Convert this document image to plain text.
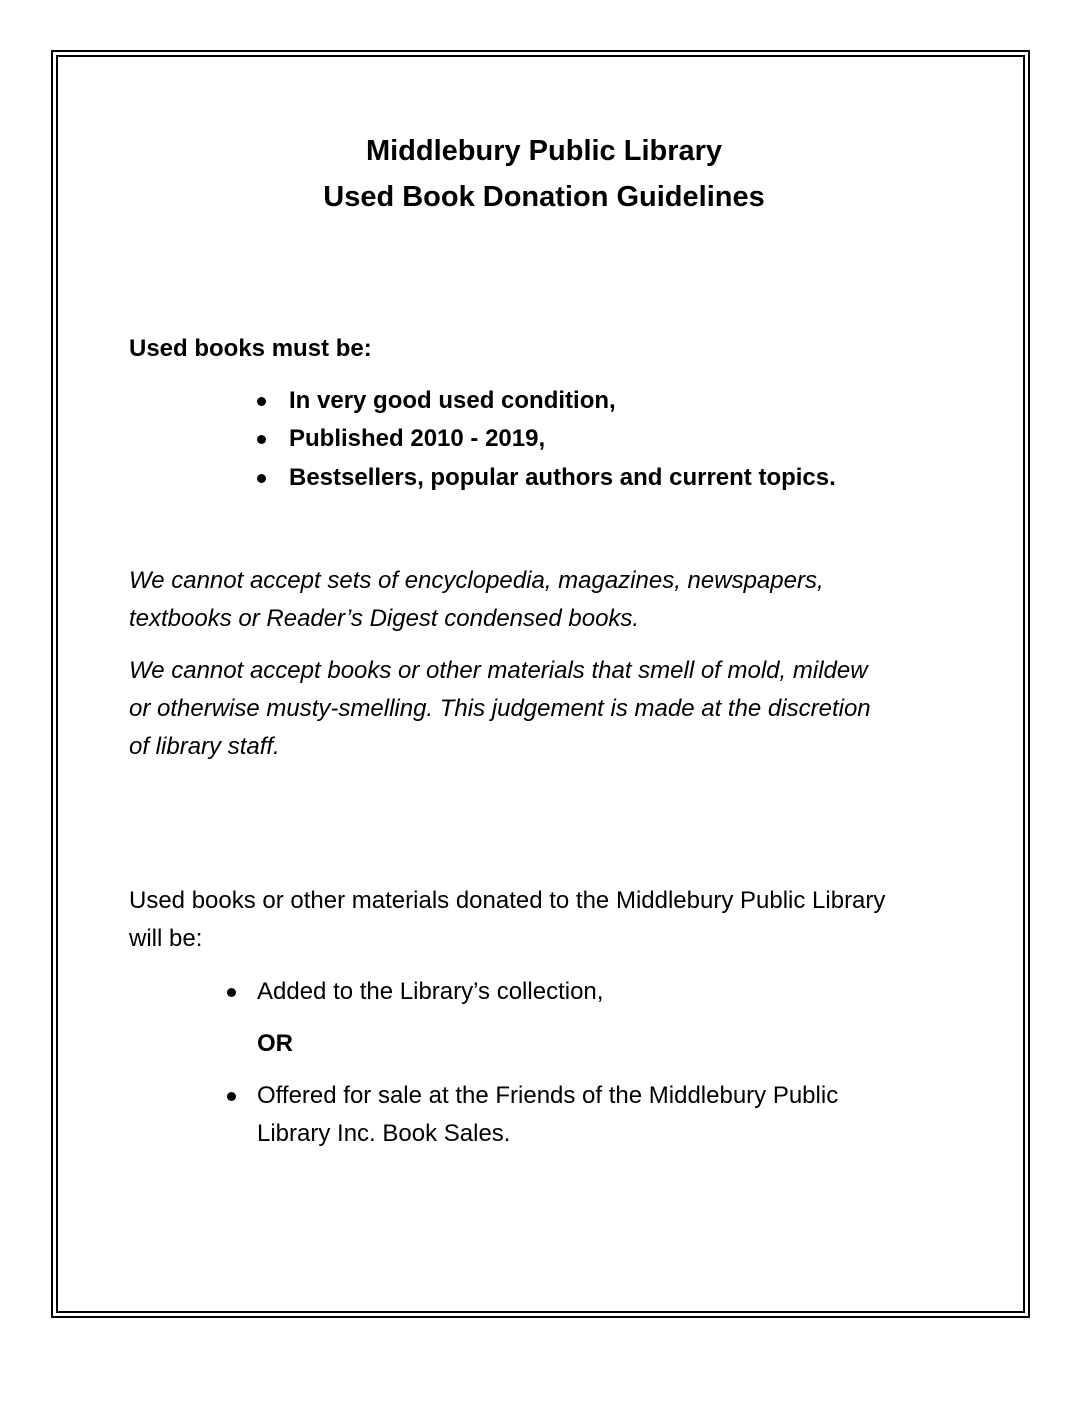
Middlebury Public Library
Used Book Donation Guidelines

Used books must be:

In very good used condition,

Published 2010 - 2019,

Bestsellers, popular authors and current topics.

We cannot accept sets of encyclopedia, magazines, newspapers,

textbooks or Reader’s Digest condensed books.

We cannot accept books or other materials that smell of mold, mildew

or otherwise musty-smelling. This judgement is made at the discretion

of library staff.

Used books or other materials donated to the Middlebury Public Library

will be:

Added to the Library’s collection,

OR

Offered for sale at the Friends of the Middlebury Public

Library Inc. Book Sales.
